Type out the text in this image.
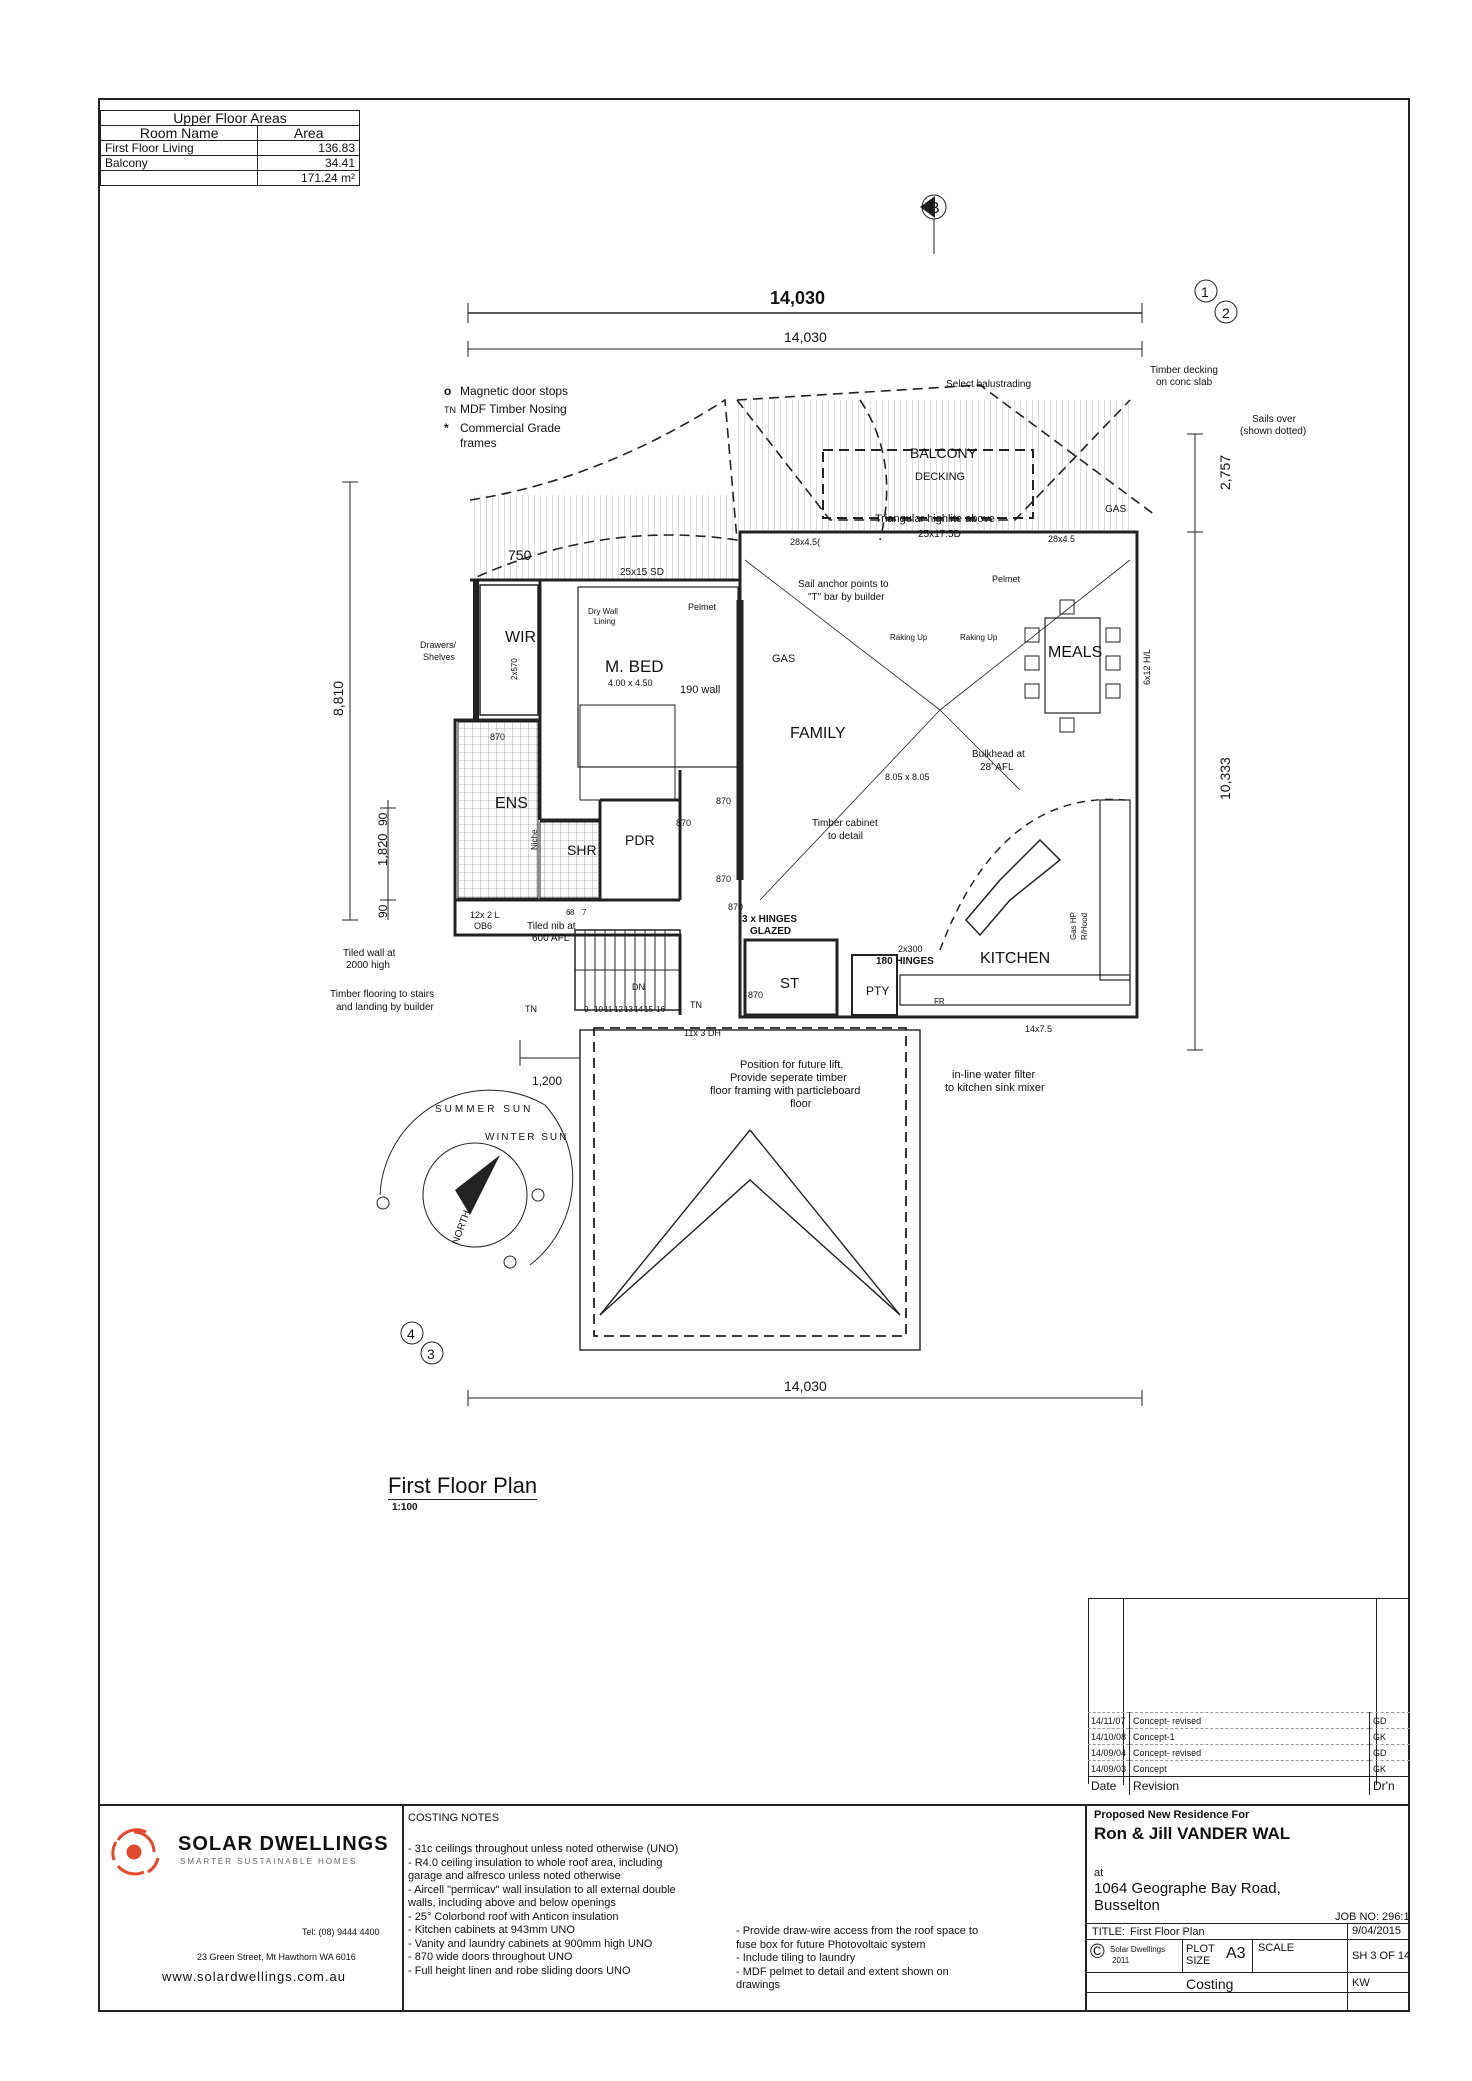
Upper Floor Areas	
Room Name	Area
First Floor Living	136.83
Balcony	34.41
	171.24 m²
o Magnetic door stops
TN MDF Timber Nosing
* Commercial Grade
frames
B
1
2
4
3
14,030
14,030
2,757
10,333
8,810
1,820
90
90
14,030
1,200
BALCONY
DECKING
WIR
M. BED
4.00 x 4.50
ENS
SHR
PDR
FAMILY
8.05 x 8.05
MEALS
KITCHEN
ST	PTY
Select balustrading
Timber decking
on conc slab
Sails over
(shown dotted)
GAS
Triangular highlite above
25x17.5D
28x4.5(	28x4.5
Pelmet
Pelmet
25x15 SD
Sail anchor points to
"T" bar by builder
Raking Up	Raking Up
Dry Wall
Lining
Drawers/
Shelves
2x570
190 wall
GAS
870
870
870
870
870
870
Bulkhead at
28' AFL
Timber cabinet
to detail
6x12 H/L
Niche
Tiled wall at
2000 high
12x 2 L
OB6	Tiled nib at
600 AFL
3 x HINGES
GLAZED
2x300
180 HINGES
Gas HP R/Hood
Timber flooring to stairs
and landing by builder	TN	TN
DN
11x 3 DH	14x7.5
FR
Position for future lift.
Provide seperate timber
floor framing with particleboard
floor
in-line water filter
to kitchen sink mixer
750
6 7
8
9 10 11 12 13 14 15 16
SUMMER SUN
WINTER SUN
NORTH
First Floor Plan
1:100
14/11/07	Concept- revised	GD
14/10/08	Concept-1	GK
14/09/04	Concept- revised	GD
14/09/03	Concept	GK
Date	Revision	Dr'n
SOLAR DWELLINGS
SMARTER SUSTAINABLE HOMES
Tel: (08) 9444 4400
23 Green Street, Mt Hawthorn WA 6016
www.solardwellings.com.au
COSTING NOTES
- 31c ceilings throughout unless noted otherwise (UNO)
- R4.0 ceiling insulation to whole roof area, including
garage and alfresco unless noted otherwise
- Aircell "permicav" wall insulation to all external double
walls, including above and below openings
- 25° Colorbond roof with Anticon insulation
- Kitchen cabinets at 943mm UNO
- Vanity and laundry cabinets at 900mm high UNO
- 870 wide doors throughout UNO
- Full height linen and robe sliding doors UNO
- Provide draw-wire access from the roof space to
fuse box for future Photovoltaic system
- Include tiling to laundry
- MDF pelmet to detail and extent shown on
drawings
Proposed New Residence For
Ron & Jill VANDER WAL
at
1064 Geographe Bay Road,
Busselton
JOB NO: 296:1
TITLE: First Floor Plan	9/04/2015
© Solar Dwellings
2011
PLOT SIZE A3 SCALE
SH 3 OF 14
Costing	KW
